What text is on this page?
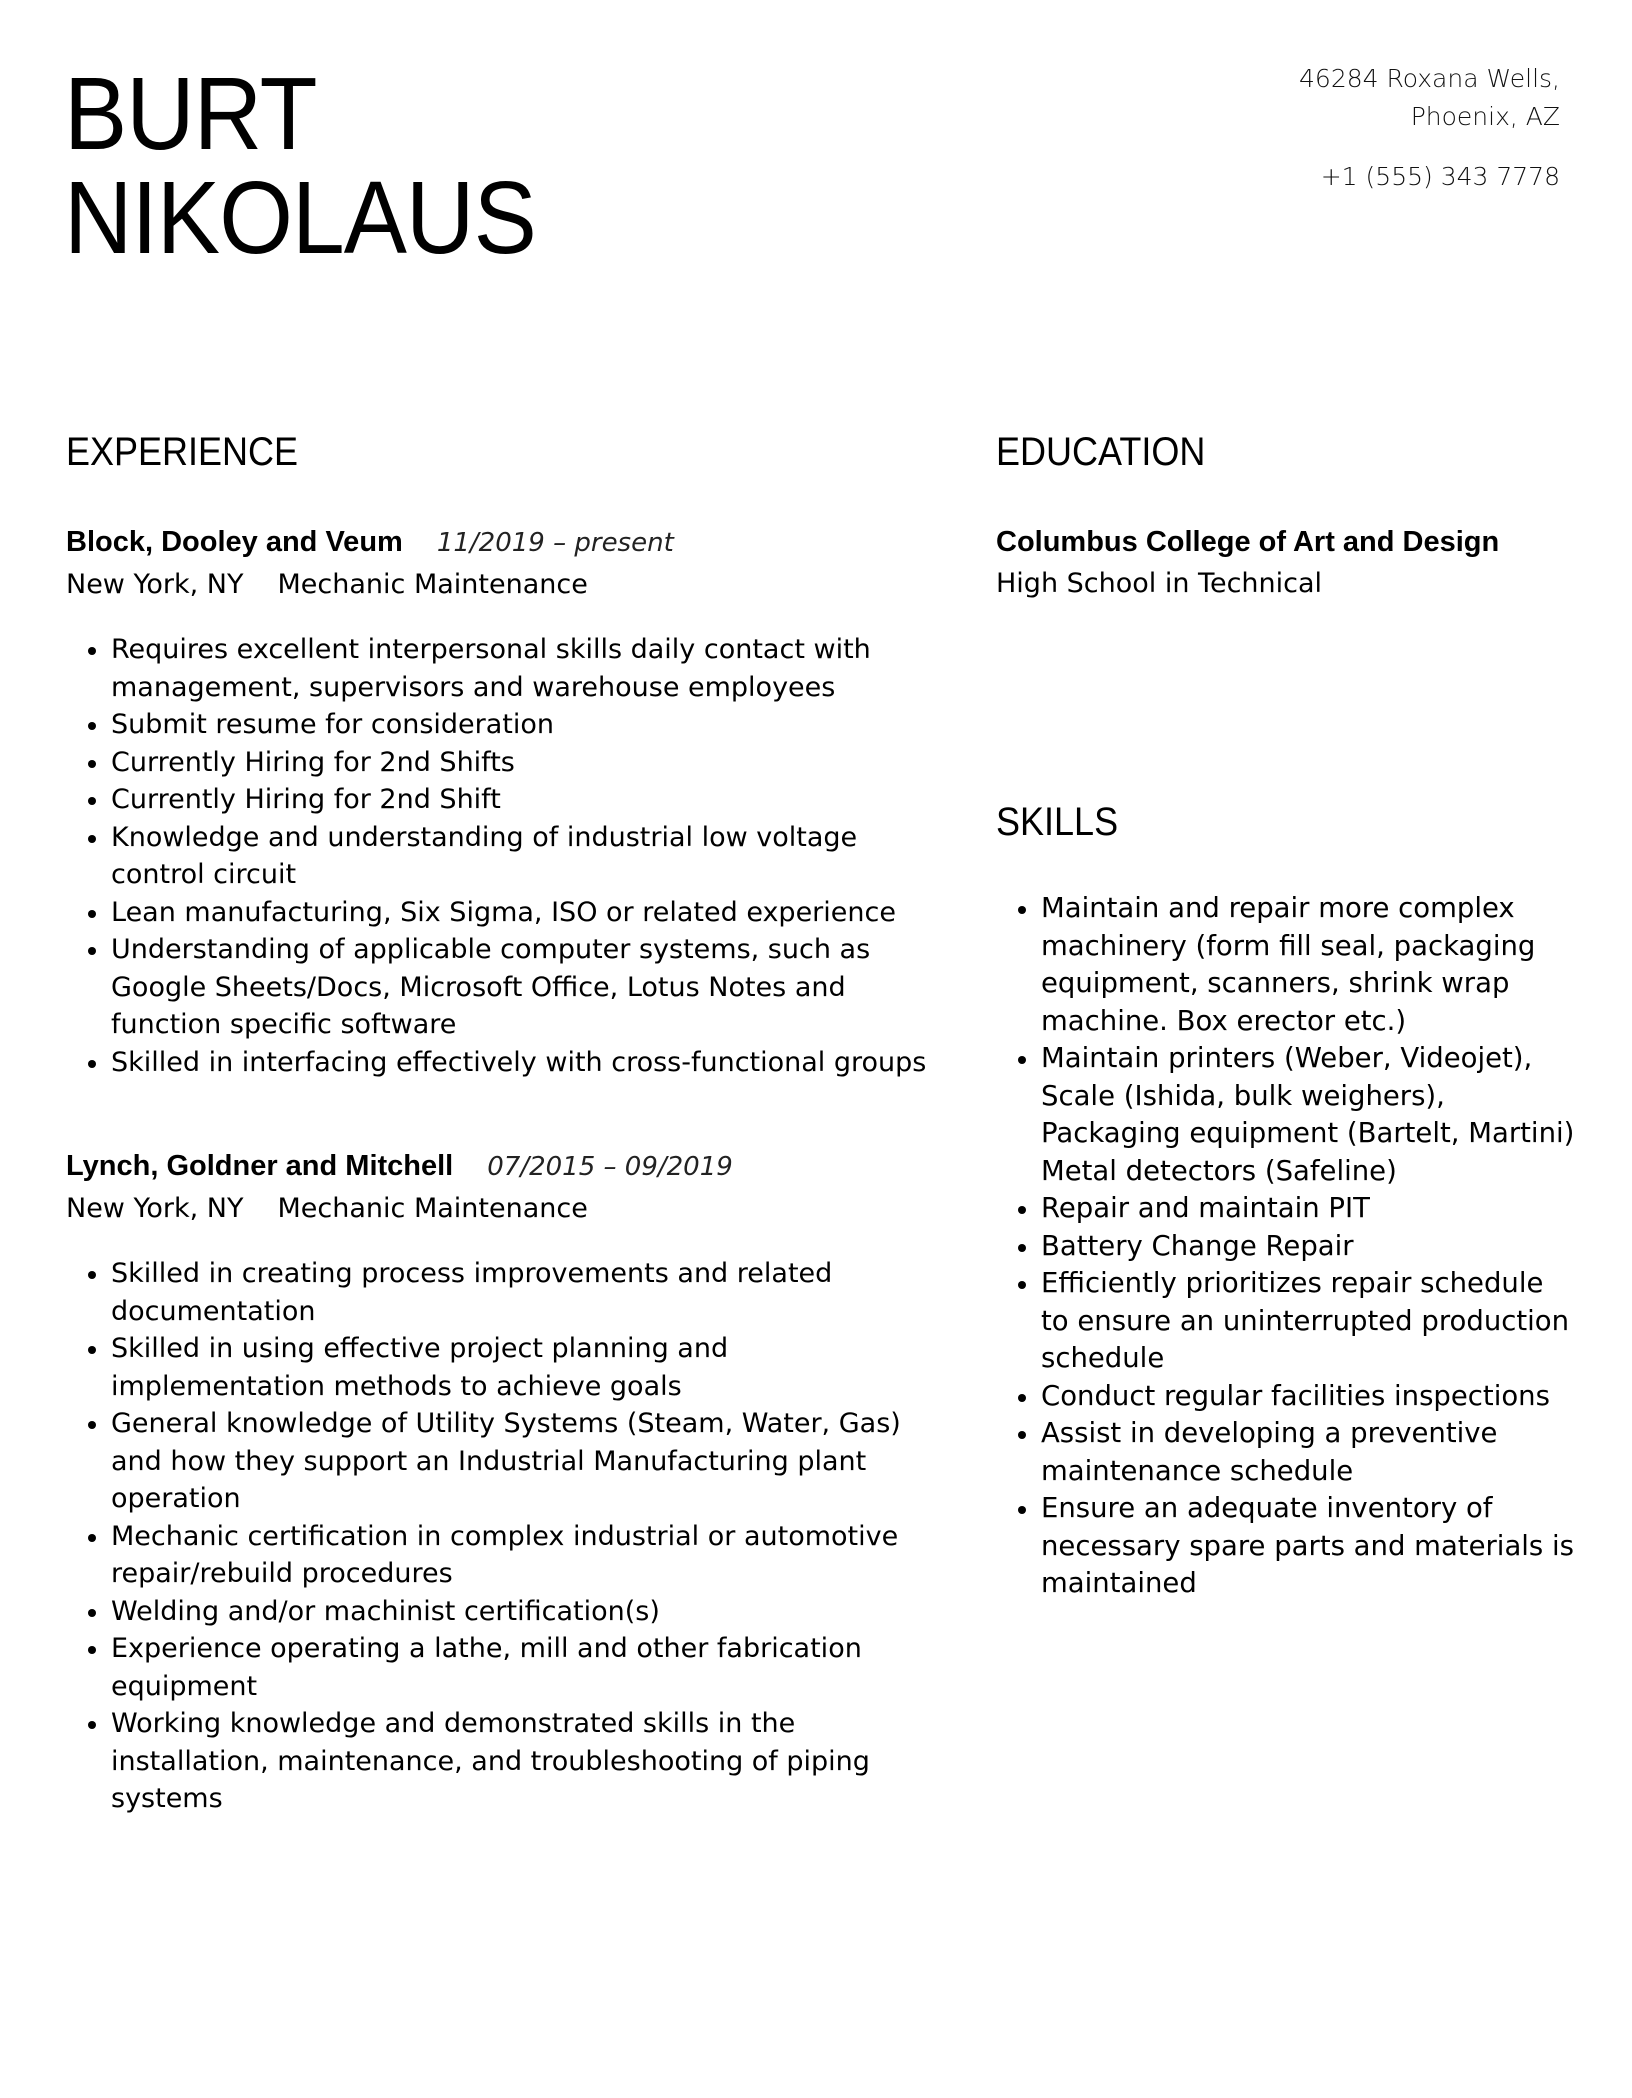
BURT
NIKOLAUS
46284 Roxana Wells,
Phoenix, AZ
+1 (555) 343 7778
EXPERIENCE
Block, Dooley and Veum 11/2019 – present
New York, NY Mechanic Maintenance
Requires excellent interpersonal skills daily contact with management, supervisors and warehouse employees
Submit resume for consideration
Currently Hiring for 2nd Shifts
Currently Hiring for 2nd Shift
Knowledge and understanding of industrial low voltage control circuit
Lean manufacturing, Six Sigma, ISO or related experience
Understanding of applicable computer systems, such as Google Sheets/Docs, Microsoft Office, Lotus Notes and function specific software
Skilled in interfacing effectively with cross-functional groups
Lynch, Goldner and Mitchell 07/2015 – 09/2019
New York, NY Mechanic Maintenance
Skilled in creating process improvements and related documentation
Skilled in using effective project planning and implementation methods to achieve goals
General knowledge of Utility Systems (Steam, Water, Gas) and how they support an Industrial Manufacturing plant operation
Mechanic certification in complex industrial or automotive repair/rebuild procedures
Welding and/or machinist certification(s)
Experience operating a lathe, mill and other fabrication equipment
Working knowledge and demonstrated skills in the installation, maintenance, and troubleshooting of piping systems
EDUCATION
Columbus College of Art and Design
High School in Technical
SKILLS
Maintain and repair more complex machinery (form fill seal, packaging equipment, scanners, shrink wrap machine. Box erector etc.)
Maintain printers (Weber, Videojet), Scale (Ishida, bulk weighers), Packaging equipment (Bartelt, Martini) Metal detectors (Safeline)
Repair and maintain PIT
Battery Change Repair
Efficiently prioritizes repair schedule to ensure an uninterrupted production schedule
Conduct regular facilities inspections
Assist in developing a preventive maintenance schedule
Ensure an adequate inventory of necessary spare parts and materials is maintained
